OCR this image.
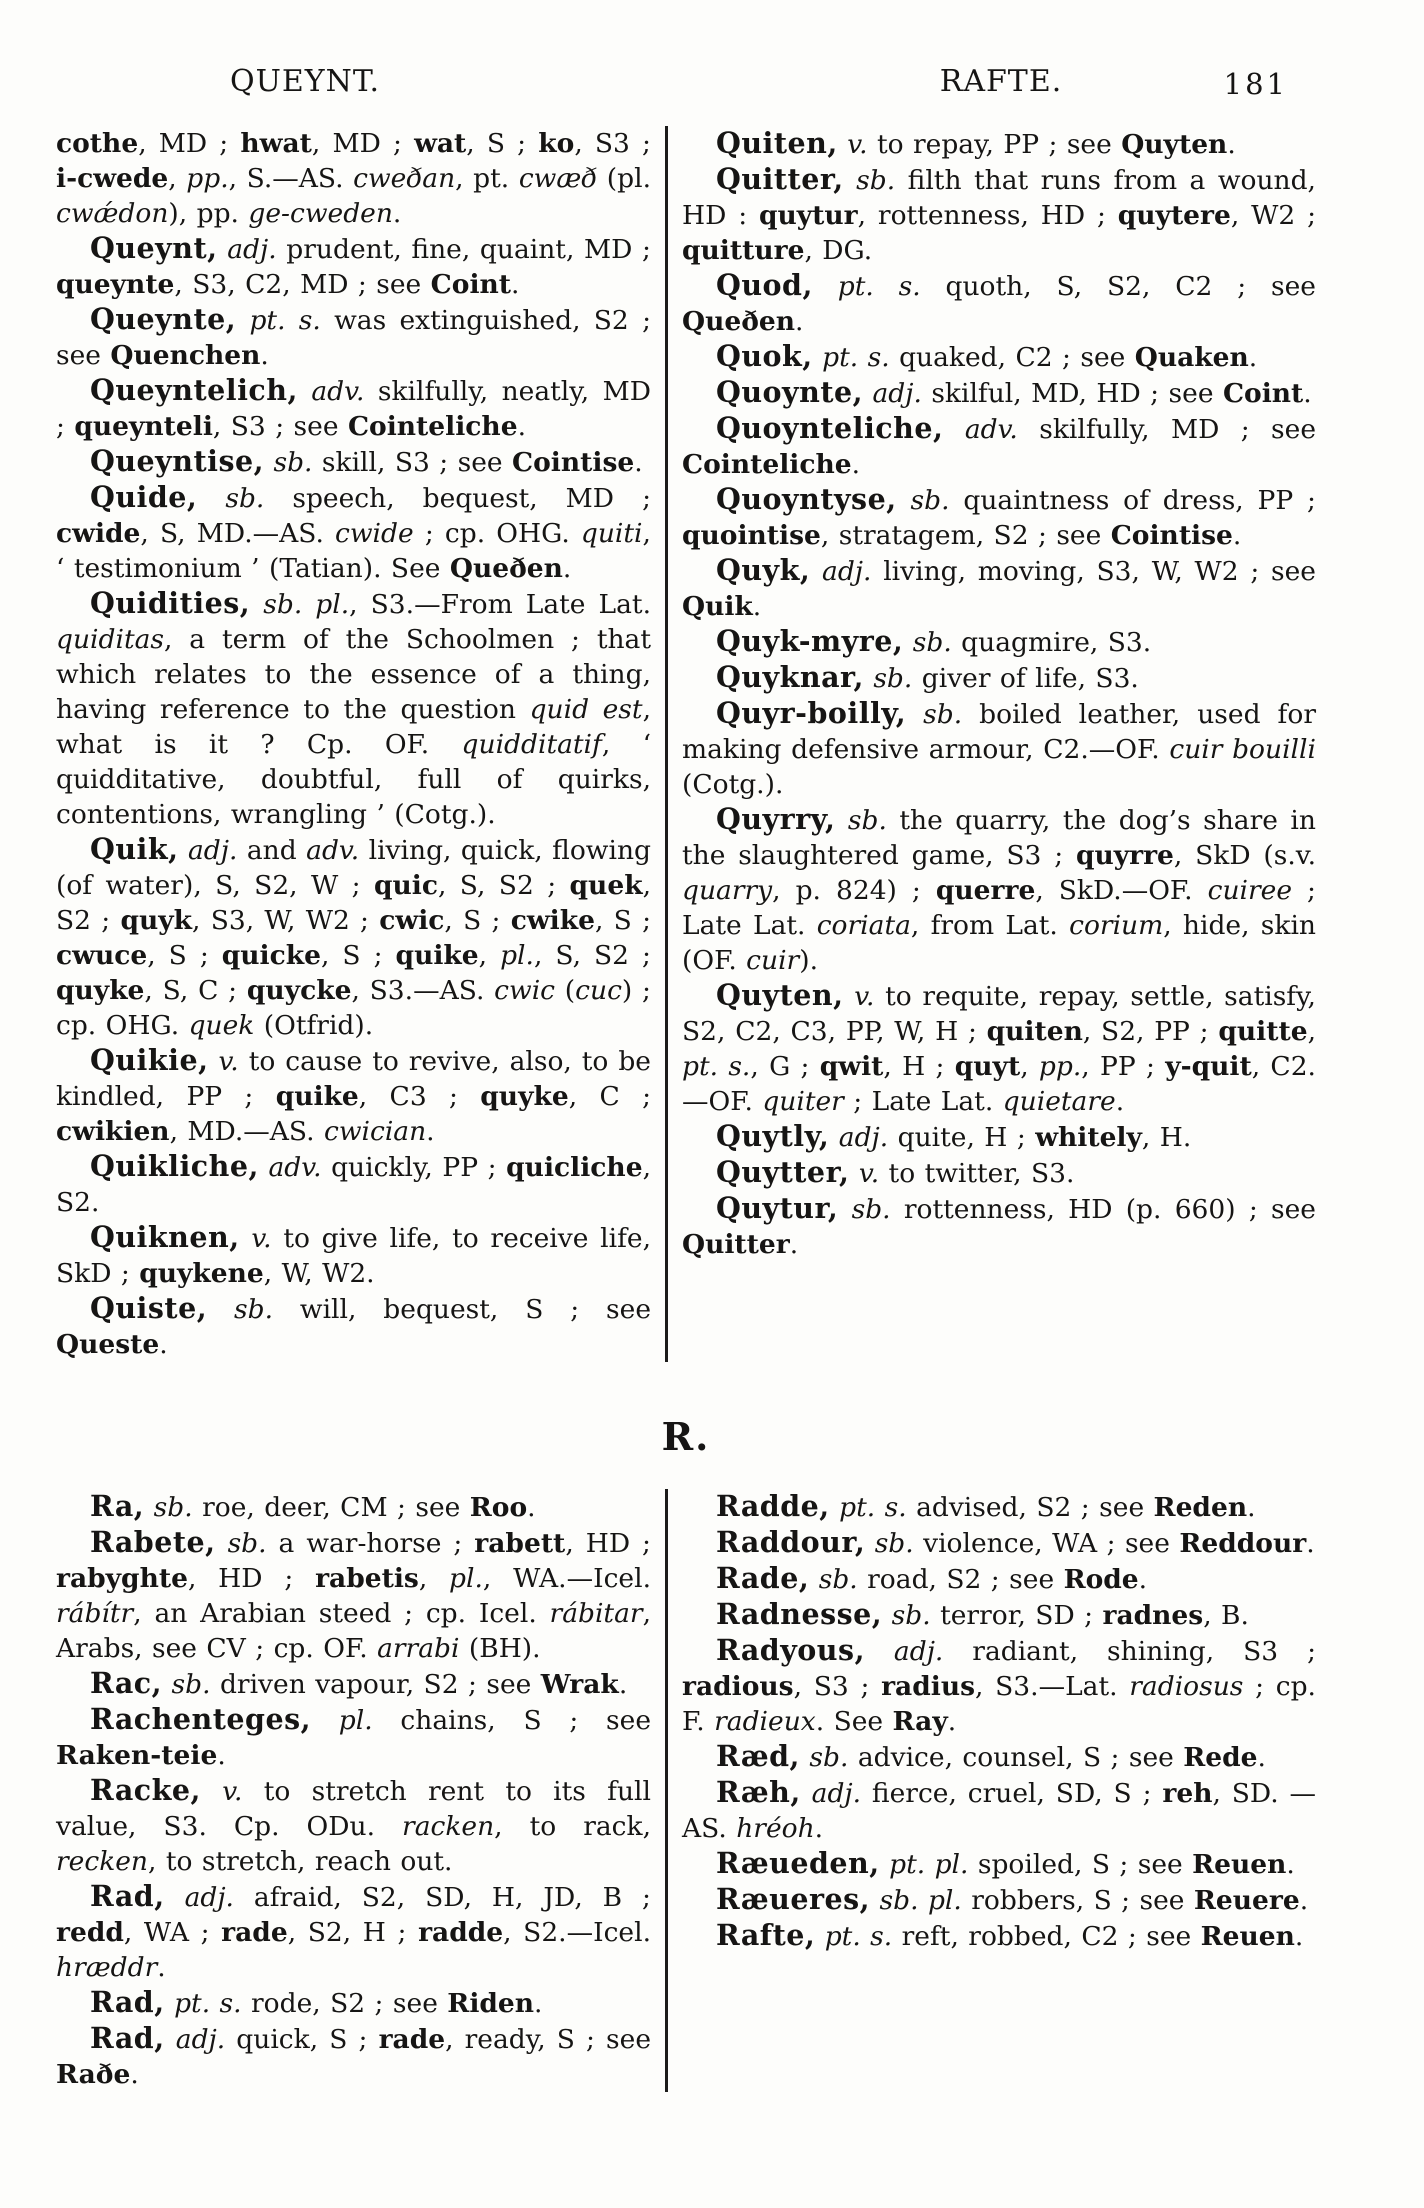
QUEYNT.	RAFTE.	181

cothe, MD ; hwat, MD ; wat, S ; ko, S3 ; i-cwede, pp., S.—AS. cweðan, pt. cwæð (pl. cwǽdon), pp. ge-cweden.

Queynt, adj. prudent, fine, quaint, MD ; queynte, S3, C2, MD ; see Coint.

Queynte, pt. s. was extinguished, S2 ; see Quenchen.

Queyntelich, adv. skilfully, neatly, MD ; queynteli, S3 ; see Cointeliche.

Queyntise, sb. skill, S3 ; see Cointise.

Quide, sb. speech, bequest, MD ; cwide, S, MD.—AS. cwide ; cp. OHG. quiti, ‘ testimonium ’ (Tatian). See Queðen.

Quidities, sb. pl., S3.—From Late Lat. quiditas, a term of the Schoolmen ; that which relates to the essence of a thing, having reference to the question quid est, what is it ? Cp. OF. quidditatif, ‘ quidditative, doubtful, full of quirks, contentions, wrangling ’ (Cotg.).

Quik, adj. and adv. living, quick, flowing (of water), S, S2, W ; quic, S, S2 ; quek, S2 ; quyk, S3, W, W2 ; cwic, S ; cwike, S ; cwuce, S ; quicke, S ; quike, pl., S, S2 ; quyke, S, C ; quycke, S3.—AS. cwic (cuc) ; cp. OHG. quek (Otfrid).

Quikie, v. to cause to revive, also, to be kindled, PP ; quike, C3 ; quyke, C ; cwikien, MD.—AS. cwician.

Quikliche, adv. quickly, PP ; quicliche, S2.

Quiknen, v. to give life, to receive life, SkD ; quykene, W, W2.

Quiste, sb. will, bequest, S ; see Queste.

Quiten, v. to repay, PP ; see Quyten.

Quitter, sb. filth that runs from a wound, HD : quytur, rottenness, HD ; quytere, W2 ; quitture, DG.

Quod, pt. s. quoth, S, S2, C2 ; see Queðen.

Quok, pt. s. quaked, C2 ; see Quaken.

Quoynte, adj. skilful, MD, HD ; see Coint.

Quoynteliche, adv. skilfully, MD ; see Cointeliche.

Quoyntyse, sb. quaintness of dress, PP ; quointise, stratagem, S2 ; see Cointise.

Quyk, adj. living, moving, S3, W, W2 ; see Quik.

Quyk-myre, sb. quagmire, S3.

Quyknar, sb. giver of life, S3.

Quyr-boilly, sb. boiled leather, used for making defensive armour, C2.—OF. cuir bouilli (Cotg.).

Quyrry, sb. the quarry, the dog’s share in the slaughtered game, S3 ; quyrre, SkD (s.v. quarry, p. 824) ; querre, SkD.—OF. cuiree ; Late Lat. coriata, from Lat. corium, hide, skin (OF. cuir).

Quyten, v. to requite, repay, settle, satisfy, S2, C2, C3, PP, W, H ; quiten, S2, PP ; quitte, pt. s., G ; qwit, H ; quyt, pp., PP ; y-quit, C2.—OF. quiter ; Late Lat. quietare.

Quytly, adj. quite, H ; whitely, H.

Quytter, v. to twitter, S3.

Quytur, sb. rottenness, HD (p. 660) ; see Quitter.

R.

Ra, sb. roe, deer, CM ; see Roo.

Rabete, sb. a war-horse ; rabett, HD ; rabyghte, HD ; rabetis, pl., WA.—Icel. rábítr, an Arabian steed ; cp. Icel. rábitar, Arabs, see CV ; cp. OF. arrabi (BH).

Rac, sb. driven vapour, S2 ; see Wrak.

Rachenteges, pl. chains, S ; see Raken-teie.

Racke, v. to stretch rent to its full value, S3. Cp. ODu. racken, to rack, recken, to stretch, reach out.

Rad, adj. afraid, S2, SD, H, JD, B ; redd, WA ; rade, S2, H ; radde, S2.—Icel. hræddr.

Rad, pt. s. rode, S2 ; see Riden.

Rad, adj. quick, S ; rade, ready, S ; see Raðe.

Radde, pt. s. advised, S2 ; see Reden.

Raddour, sb. violence, WA ; see Reddour.

Rade, sb. road, S2 ; see Rode.

Radnesse, sb. terror, SD ; radnes, B.

Radyous, adj. radiant, shining, S3 ; radious, S3 ; radius, S3.—Lat. radiosus ; cp. F. radieux. See Ray.

Ræd, sb. advice, counsel, S ; see Rede.

Ræh, adj. fierce, cruel, SD, S ; reh, SD. —AS. hréoh.

Ræueden, pt. pl. spoiled, S ; see Reuen.

Ræueres, sb. pl. robbers, S ; see Reuere.

Rafte, pt. s. reft, robbed, C2 ; see Reuen.
